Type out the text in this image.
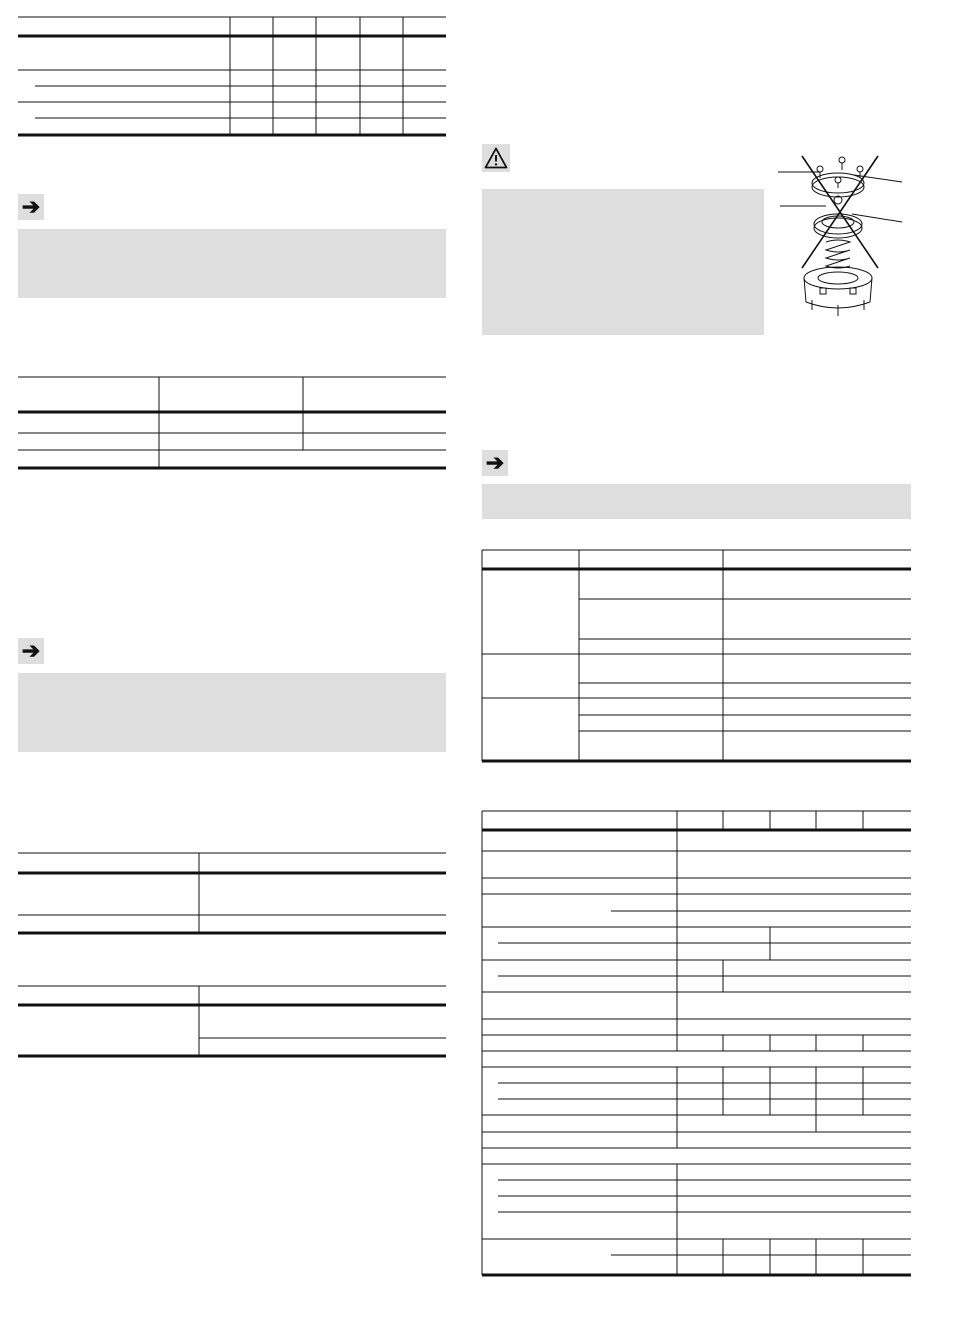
➔
➔
➔
